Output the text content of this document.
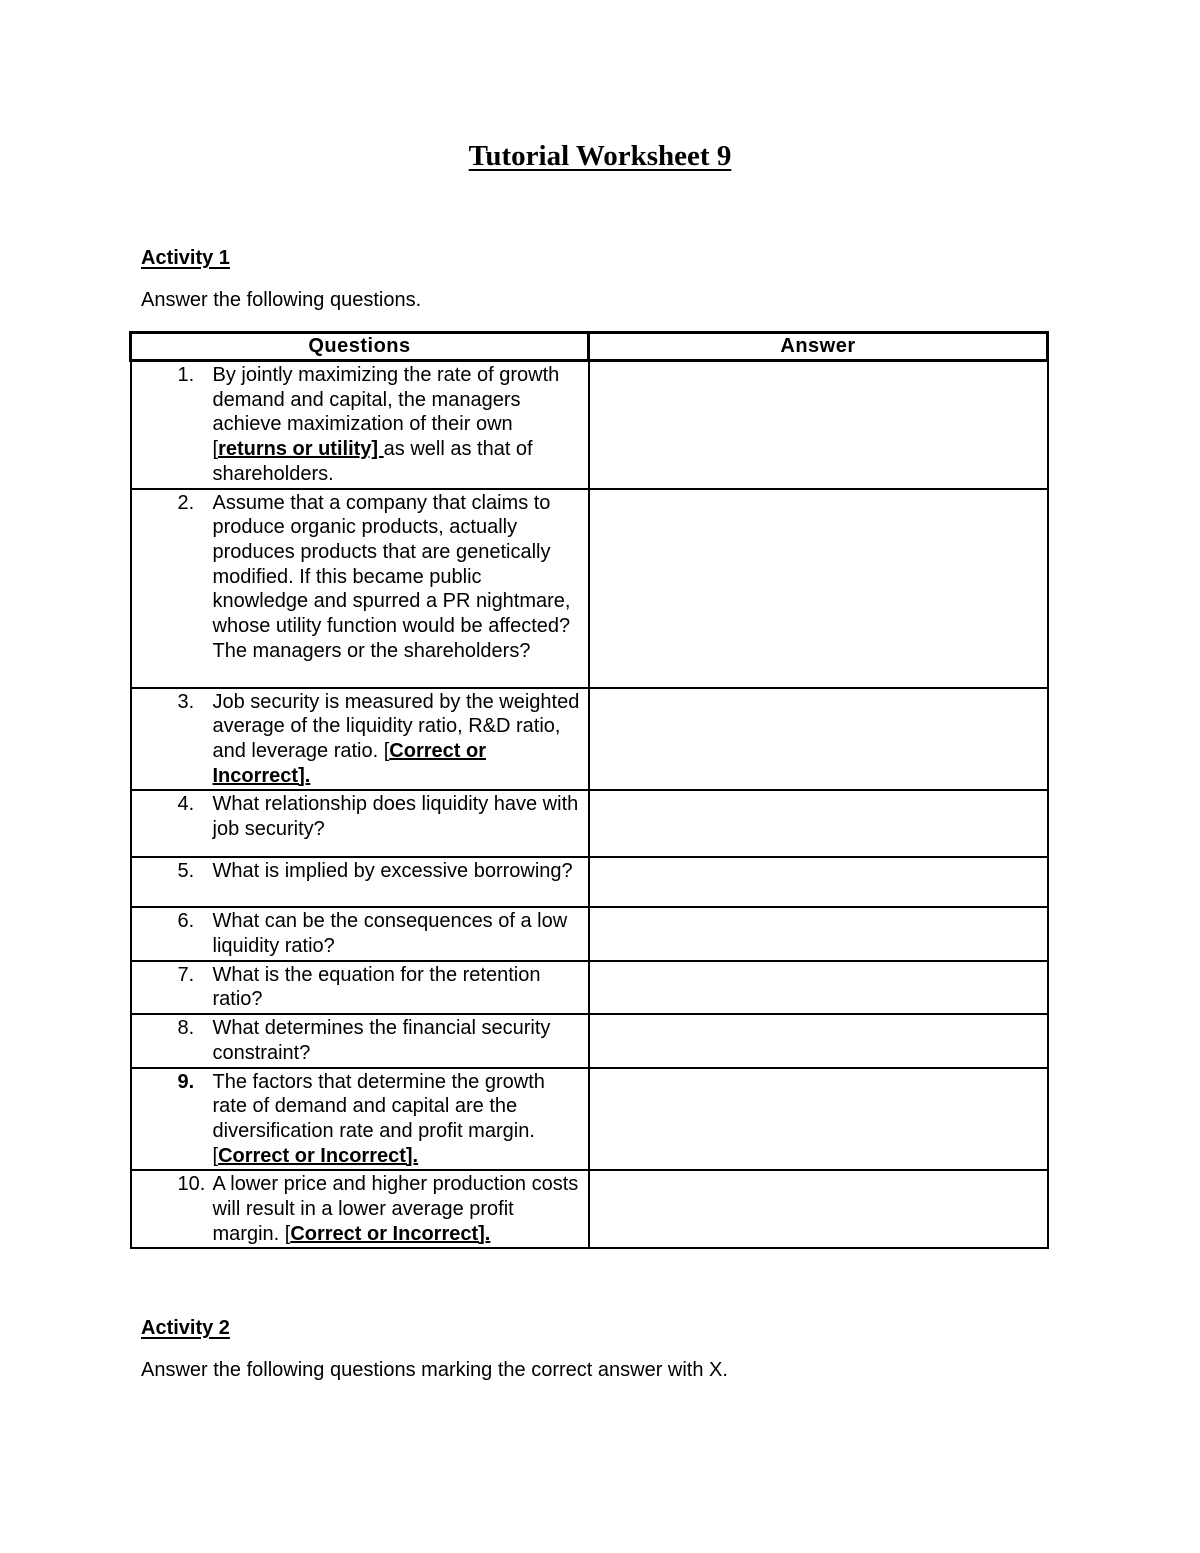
Tutorial Worksheet 9
Activity 1
Answer the following questions.
Questions	Answer

1. By jointly maximizing the rate of growth demand and capital, the managers achieve maximization of their own [returns or utility] as well as that of shareholders.	

2. Assume that a company that claims to produce organic products, actually produces products that are genetically modified. If this became public knowledge and spurred a PR nightmare, whose utility function would be affected? The managers or the shareholders?	

3. Job security is measured by the weighted average of the liquidity ratio, R&D ratio, and leverage ratio. [Correct or Incorrect].	

4. What relationship does liquidity have with job security?	

5. What is implied by excessive borrowing?	

6. What can be the consequences of a low liquidity ratio?	

7. What is the equation for the retention ratio?	

8. What determines the financial security constraint?	

9. The factors that determine the growth rate of demand and capital are the diversification rate and profit margin. [Correct or Incorrect].	

10. A lower price and higher production costs will result in a lower average profit margin. [Correct or Incorrect].	

Activity 2
Answer the following questions marking the correct answer with X.
